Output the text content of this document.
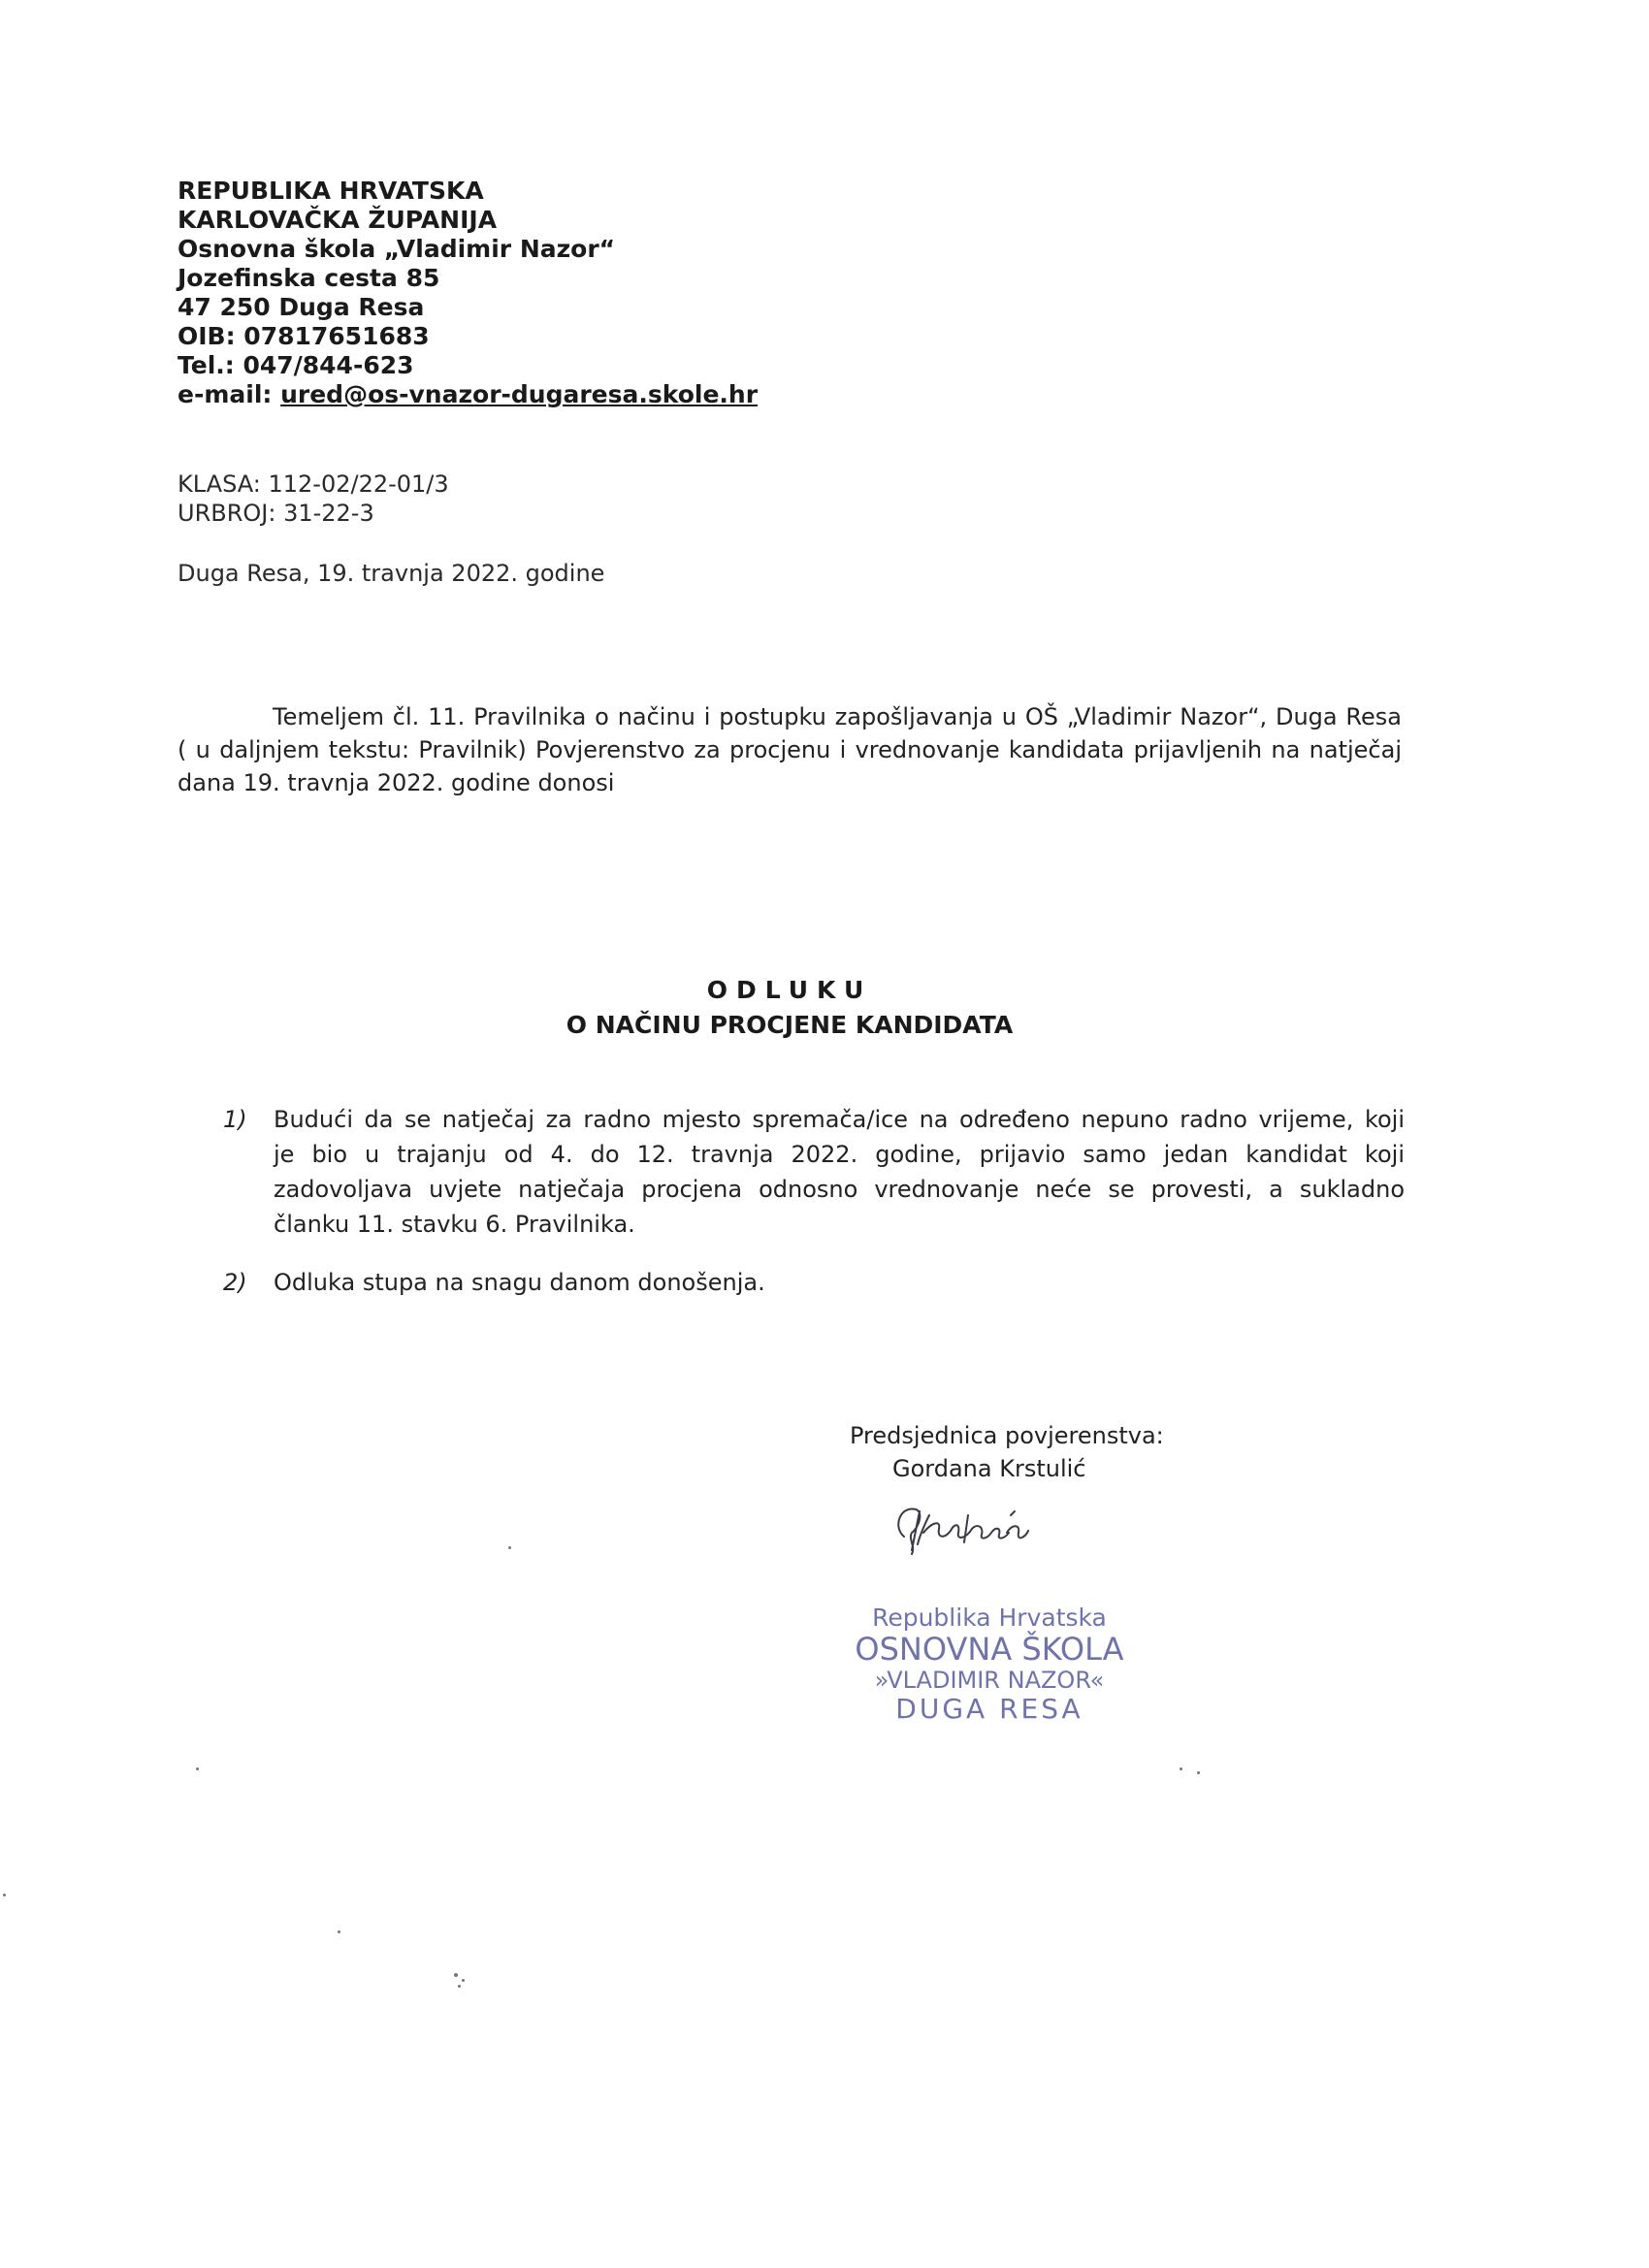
REPUBLIKA HRVATSKA
KARLOVAČKA ŽUPANIJA
Osnovna škola „Vladimir Nazor“
Jozefinska cesta 85
47 250 Duga Resa
OIB: 07817651683
Tel.: 047/844-623
e-mail: ured@os-vnazor-dugaresa.skole.hr
KLASA: 112-02/22-01/3
URBROJ: 31-22-3
Duga Resa, 19. travnja 2022. godine
Temeljem čl. 11. Pravilnika o načinu i postupku zapošljavanja u OŠ „Vladimir Nazor“, Duga Resa ( u daljnjem tekstu: Pravilnik) Povjerenstvo za procjenu i vrednovanje kandidata prijavljenih na natječaj dana 19. travnja 2022. godine donosi
ODLUKU
O NAČINU PROCJENE KANDIDATA
1) Budući da se natječaj za radno mjesto spremača/ice na određeno nepuno radno vrijeme, koji
je bio u trajanju od 4. do 12. travnja 2022. godine, prijavio samo jedan kandidat koji
zadovoljava uvjete natječaja procjena odnosno vrednovanje neće se provesti, a sukladno
članku 11. stavku 6. Pravilnika.
2) Odluka stupa na snagu danom donošenja.
Predsjednica povjerenstva:
Gordana Krstulić
Republika Hrvatska
OSNOVNA ŠKOLA
»VLADIMIR NAZOR«
DUGA RESA
